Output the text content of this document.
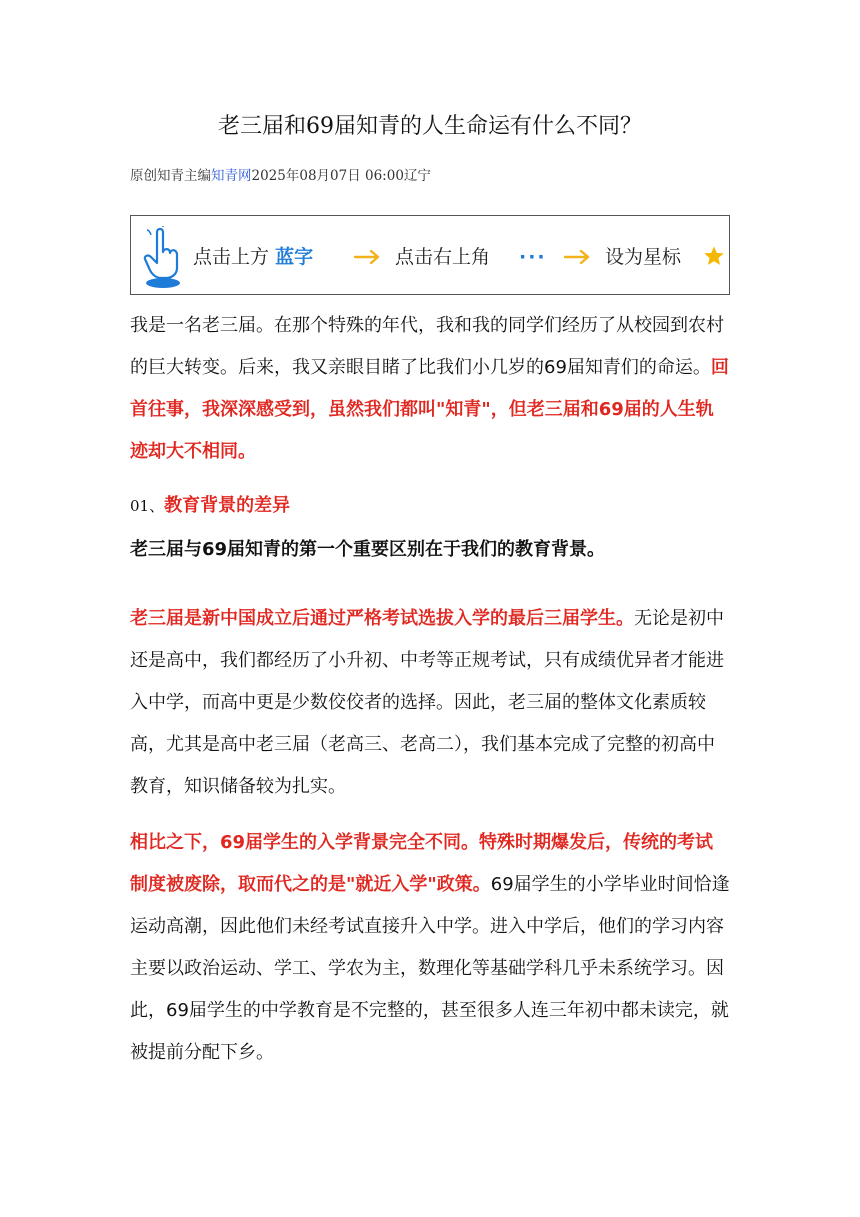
老三届和69届知青的人生命运有什么不同？
原创知青主编知青网2025年08月07日 06:00辽宁
点击上方 蓝字	点击右上角 ···	设为星标

我是一名老三届。在那个特殊的年代，我和我的同学们经历了从校园到农村的巨大转变。后来，我又亲眼目睹了比我们小几岁的69届知青们的命运。回首往事，我深深感受到，虽然我们都叫"知青"，但老三届和69届的人生轨迹却大不相同。

01、教育背景的差异

老三届与69届知青的第一个重要区别在于我们的教育背景。

老三届是新中国成立后通过严格考试选拔入学的最后三届学生。无论是初中还是高中，我们都经历了小升初、中考等正规考试，只有成绩优异者才能进入中学，而高中更是少数佼佼者的选择。因此，老三届的整体文化素质较高，尤其是高中老三届（老高三、老高二），我们基本完成了完整的初高中教育，知识储备较为扎实。

相比之下，69届学生的入学背景完全不同。特殊时期爆发后，传统的考试制度被废除，取而代之的是"就近入学"政策。69届学生的小学毕业时间恰逢运动高潮，因此他们未经考试直接升入中学。进入中学后，他们的学习内容主要以政治运动、学工、学农为主，数理化等基础学科几乎未系统学习。因此，69届学生的中学教育是不完整的，甚至很多人连三年初中都未读完，就被提前分配下乡。
